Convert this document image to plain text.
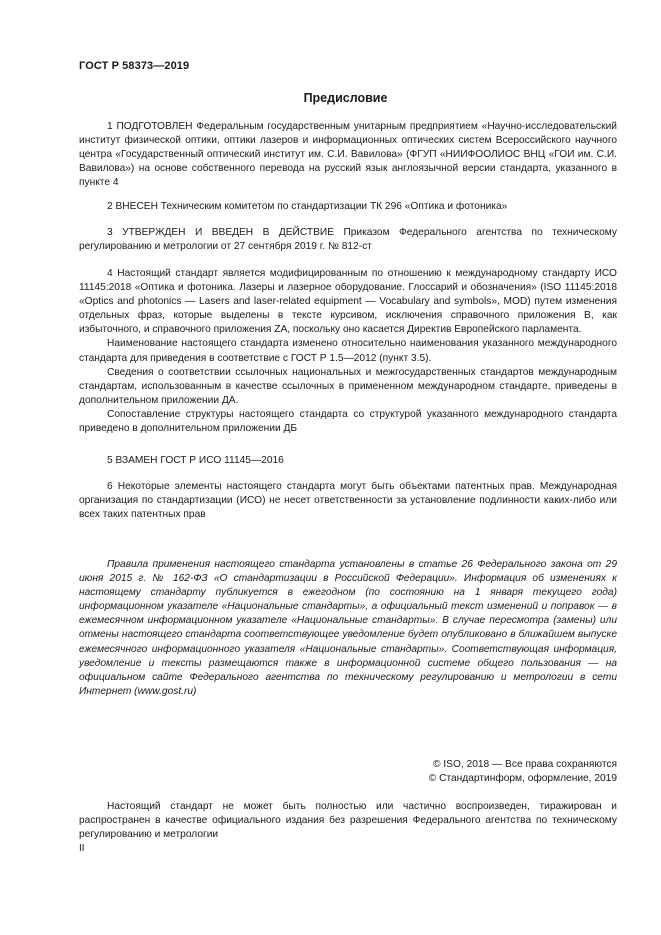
ГОСТ Р 58373—2019
Предисловие

1 ПОДГОТОВЛЕН Федеральным государственным унитарным предприятием «Научно-исследовательский институт физической оптики, оптики лазеров и информационных оптических систем Всероссийского научного центра «Государственный оптический институт им. С.И. Вавилова» (ФГУП «НИИФООЛИОС ВНЦ «ГОИ им. С.И. Вавилова») на основе собственного перевода на русский язык англоязычной версии стандарта, указанного в пункте 4

2 ВНЕСЕН Техническим комитетом по стандартизации ТК 296 «Оптика и фотоника»

3 УТВЕРЖДЕН И ВВЕДЕН В ДЕЙСТВИЕ Приказом Федерального агентства по техническому регулированию и метрологии от 27 сентября 2019 г. № 812-ст

4 Настоящий стандарт является модифицированным по отношению к международному стандарту ИСО 11145:2018 «Оптика и фотоника. Лазеры и лазерное оборудование. Глоссарий и обозначения» (ISO 11145:2018 «Optics and photonics — Lasers and laser-related equipment — Vocabulary and symbols», MOD) путем изменения отдельных фраз, которые выделены в тексте курсивом, исключения справочного приложения В, как избыточного, и справочного приложения ZA, поскольку оно касается Директив Европейского парламента.

Наименование настоящего стандарта изменено относительно наименования указанного международного стандарта для приведения в соответствие с ГОСТ Р 1.5—2012 (пункт 3.5).

Сведения о соответствии ссылочных национальных и межгосударственных стандартов международным стандартам, использованным в качестве ссылочных в примененном международном стандарте, приведены в дополнительном приложении ДА.

Сопоставление структуры настоящего стандарта со структурой указанного международного стандарта приведено в дополнительном приложении ДБ

5 ВЗАМЕН ГОСТ Р ИСО 11145—2016

6 Некоторые элементы настоящего стандарта могут быть объектами патентных прав. Международная организация по стандартизации (ИСО) не несет ответственности за установление подлинности каких-либо или всех таких патентных прав

Правила применения настоящего стандарта установлены в статье 26 Федерального закона от 29 июня 2015 г. № 162-ФЗ «О стандартизации в Российской Федерации». Информация об изменениях к настоящему стандарту публикуется в ежегодном (по состоянию на 1 января текущего года) информационном указателе «Национальные стандарты», а официальный текст изменений и поправок — в ежемесячном информационном указателе «Национальные стандарты». В случае пересмотра (замены) или отмены настоящего стандарта соответствующее уведомление будет опубликовано в ближайшем выпуске ежемесячного информационного указателя «Национальные стандарты». Соответствующая информация, уведомление и тексты размещаются также в информационной системе общего пользования — на официальном сайте Федерального агентства по техническому регулированию и метрологии в сети Интернет (www.gost.ru)

© ISO, 2018 — Все права сохраняются
© Стандартинформ, оформление, 2019

Настоящий стандарт не может быть полностью или частично воспроизведен, тиражирован и распространен в качестве официального издания без разрешения Федерального агентства по техническому регулированию и метрологии

II
